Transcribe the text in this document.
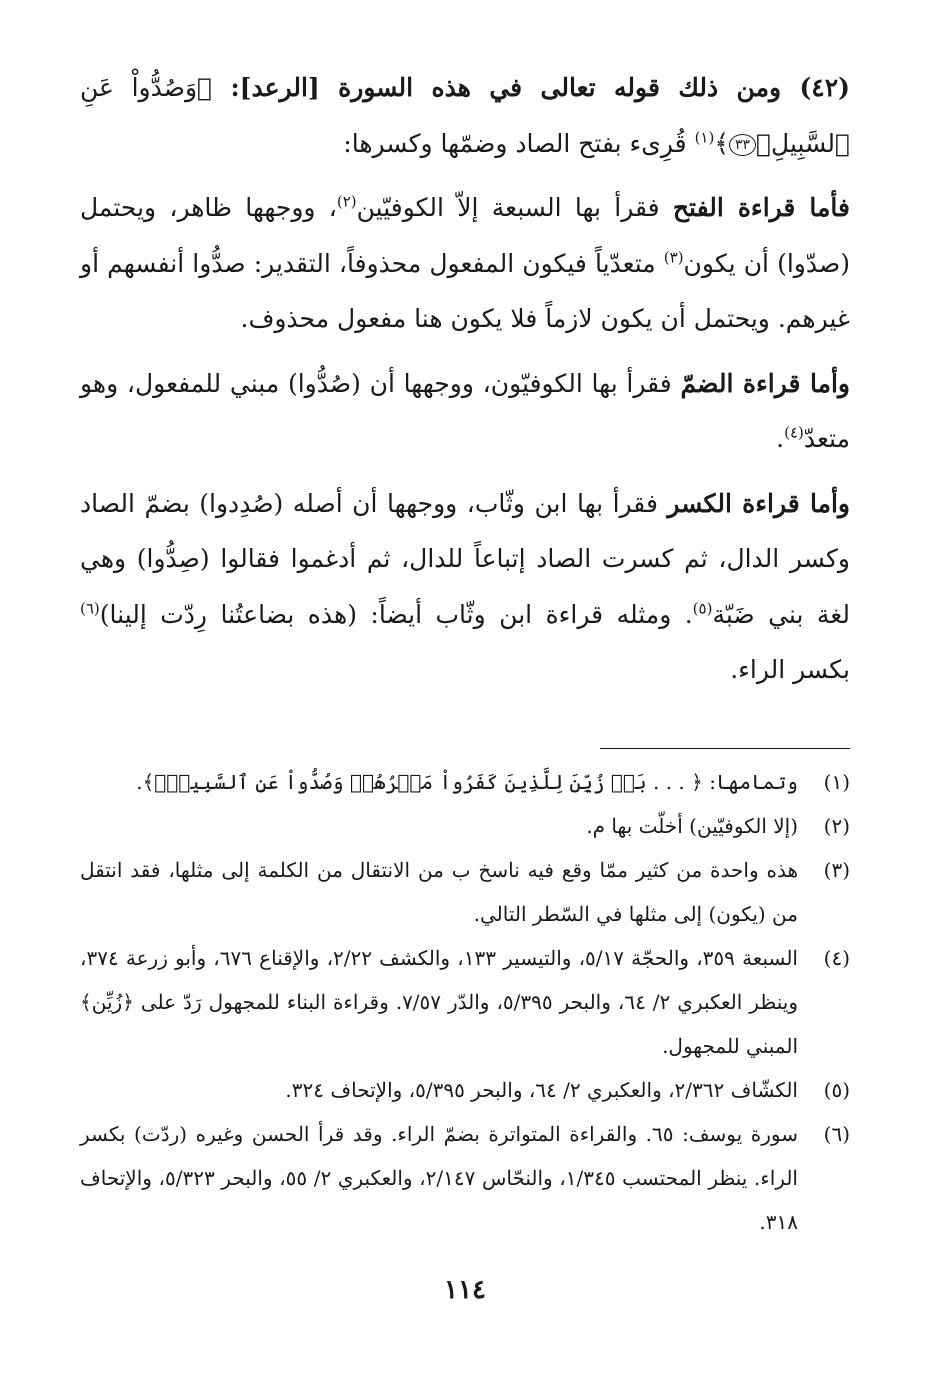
(٤٢) ومن ذلك قوله تعالى في هذه السورة [الرعد]: ﴿وَصُدُّواْ عَنِ ٱلسَّبِيلِۗ٣٣﴾$^{(١)}$ قُرِىء بفتح الصاد وضمّها وكسرها:

فأما قراءة الفتح فقرأ بها السبعة إلاّ الكوفيّين$^{(٢)}$، ووجهها ظاهر، ويحتمل (صدّوا) أن يكون$^{(٣)}$ متعدّياً فيكون المفعول محذوفاً، التقدير: صدُّوا أنفسهم أو غيرهم. ويحتمل أن يكون لازماً فلا يكون هنا مفعول محذوف.

وأما قراءة الضمّ فقرأ بها الكوفيّون، ووجهها أن (صُدُّوا) مبني للمفعول، وهو متعدّ$^{(٤)}$.

وأما قراءة الكسر فقرأ بها ابن وثّاب، ووجهها أن أصله (صُدِدوا) بضمّ الصاد وكسر الدال، ثم كسرت الصاد إتباعاً للدال، ثم أدغموا فقالوا (صِدُّوا) وهي لغة بني ضَبّة$^{(٥)}$. ومثله قراءة ابن وثّاب أيضاً: (هذه بضاعتُنا رِدّت إلينا)$^{(٦)}$ بكسر الراء.

(١)
وتمامها: ﴿ . . . بَلۡ زُيِّنَ لِلَّذِينَ كَفَرُواْ مَكۡرُهُمۡ وَصُدُّواْ عَنِ ٱلسَّبِيلِۗ﴾.
(٢)
(إلا الكوفيّين) أخلّت بها م.
(٣)
هذه واحدة من كثير ممّا وقع فيه ناسخ ب من الانتقال من الكلمة إلى مثلها، فقد انتقل من (يكون) إلى مثلها في السّطر التالي.
(٤)
السبعة ٣٥٩، والحجّة ٥/١٧، والتيسير ١٣٣، والكشف ٢/٢٢، والإقناع ٦٧٦، وأبو زرعة ٣٧٤، وينظر العكبري ٢/ ٦٤، والبحر ٥/٣٩٥، والدّر ٧/٥٧. وقراءة البناء للمجهول رَدّ على ﴿زُيِّن﴾ المبني للمجهول.
(٥)
الكشّاف ٢/٣٦٢، والعكبري ٢/ ٦٤، والبحر ٥/٣٩٥، والإتحاف ٣٢٤.
(٦)
سورة يوسف: ٦٥. والقراءة المتواترة بضمّ الراء. وقد قرأ الحسن وغيره (ردّت) بكسر الراء. ينظر المحتسب ١/٣٤٥، والنحّاس ٢/١٤٧، والعكبري ٢/ ٥٥، والبحر ٥/٣٢٣، والإتحاف ٣١٨.
١١٤
